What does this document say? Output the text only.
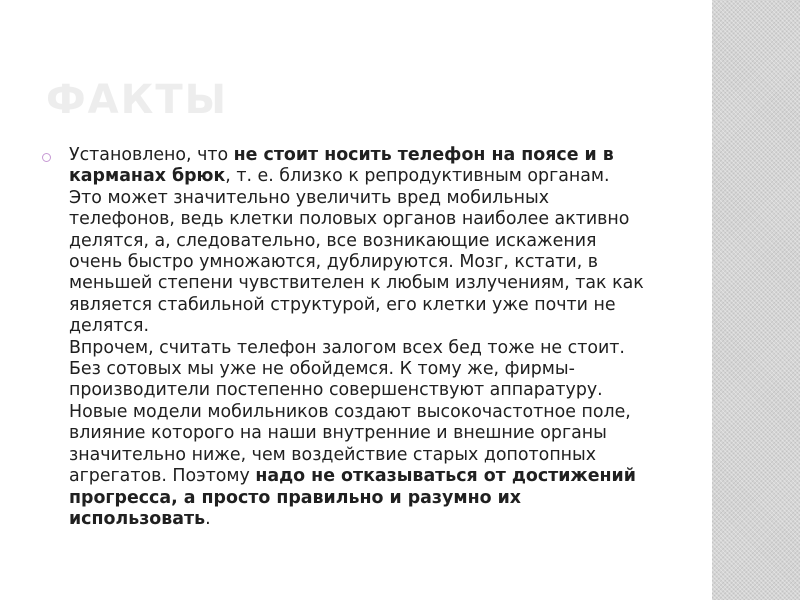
ФАКТЫ

Установлено, что не стоит носить телефон на поясе и в карманах брюк, т. е. близко к репродуктивным органам. Это может значительно увеличить вред мобильных телефонов, ведь клетки половых органов наиболее активно делятся, а, следовательно, все возникающие искажения очень быстро умножаются, дублируются. Мозг, кстати, в меньшей степени чувствителен к любым излучениям, так как является стабильной структурой, его клетки уже почти не делятся.
Впрочем, считать телефон залогом всех бед тоже не стоит. Без сотовых мы уже не обойдемся. К тому же, фирмы-производители постепенно совершенствуют аппаратуру. Новые модели мобильников создают высокочастотное поле, влияние которого на наши внутренние и внешние органы значительно ниже, чем воздействие старых допотопных агрегатов. Поэтому надо не отказываться от достижений прогресса, а просто правильно и разумно их использовать.
